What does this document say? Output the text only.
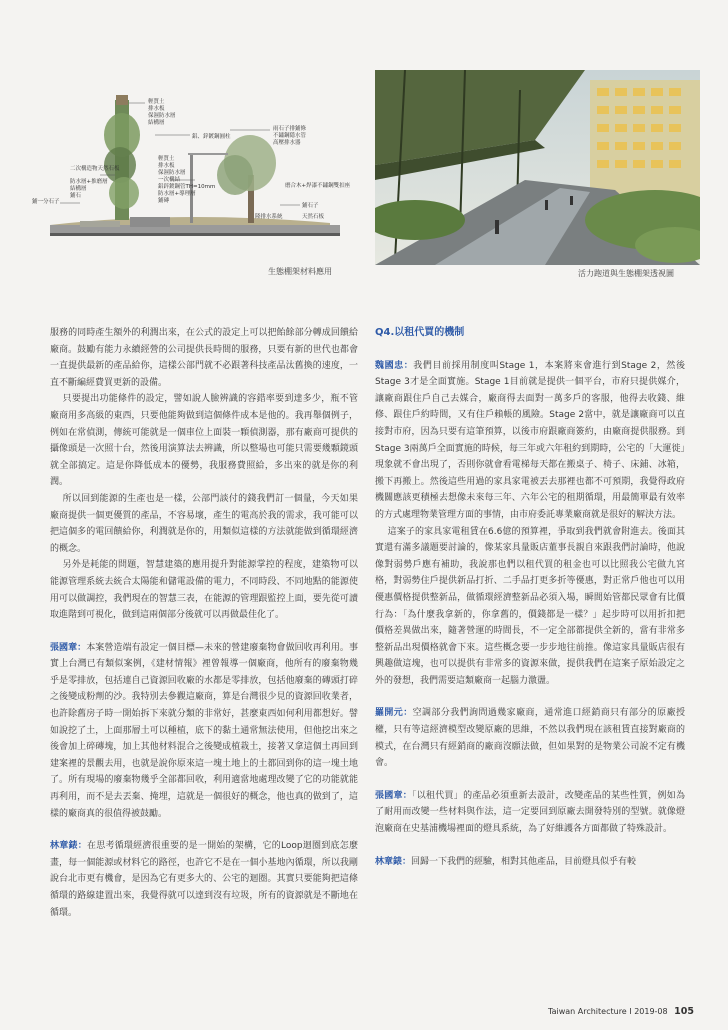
輕質土
排水板
保濕防水層
結構層
鋁、鋅鍍鋼圓柱
雨石子排鋪條
不鏽鋼隱水管
高壓排水器
輕質土
排水板
保濕防水層
一次構結
鋁鋅鍍鋼管TH=10mm
防水層+導理層
鋪磚
二次構造物天然石板
防水層+推磨層
結構層
鋪石
鋪一分石子
磨合木+焊漆不鏽鋼雙扣座
鋪石子
隆排水系統	天然石板
生態棚架材料應用	活力跑道與生態棚架透視圖

服務的同時產生額外的利潤出來，在公式的設定上可以把飴餘部分轉成回饋給廠商。鼓勵有能力永續經營的公司提供長時間的服務，只要有新的世代也都會一直提供最新的產品給你，這樣公部門就不必跟著科技產品汰舊換的速度，一直不斷編經費買更新的設備。

只要提出功能條件的設定，譬如說人臉辨識的容錯率要到達多少，瓶不管廠商用多高級的東西，只要他能夠做到這個條件成本是他的。我再舉個例子，例如在常偵測，傳統可能就是一個車位上面裝一顆偵測器，那有廠商可提供的攝像頭是一次照十台，然後用演算法去辨識，所以整場也可能只需要幾顆鏡頭就全部搞定。這是你降低成本的優勢，我服務費照給，多出來的就是你的利潤。

所以回到能源的生產也是一樣，公部門談付的錢我們訂一個量，今天如果廠商提供一個更優質的產品，不容易壞，產生的電高於我的需求，我可能可以把這個多的電回饋給你，利潤就是你的，用類似這樣的方法就能做到循環經濟的概念。

另外是耗能的問題，智慧建築的應用提升對能源掌控的程度，建築物可以能源管理系統去統合太陽能和儲電設備的電力，不同時段、不同地點的能源使用可以做調控，我們現在的智慧三表，在能源的管理跟監控上面，要先從可讀取進階到可視化，做到這兩個部分後就可以再做最佳化了。

張國章：本案營造端有設定一個目標—未來的營建廢棄物會做回收再利用。事實上台灣已有類似案例，《建材情報》裡曾報導一個廠商，他所有的廢棄物幾乎是零排放，包括連自己資源回收廠的水都是零排放，包括他廢棄的磚頭打碎之後變成粉劑的沙。我特別去參觀這廠商，算是台灣很少見的資源回收業者，也許除舊房子時一開始拆下來就分類的非常好，甚麼東西如何利用都想好。譬如說挖了土，上面那層土可以種植，底下的黏土通常無法使用，但他挖出來之後會加上碎磚塊，加上其他材料混合之後變成植栽土，接著又拿這個土再回到建案裡的景觀去用，也就是說你原來這一塊土地上的土都回到你的這一塊土地了。所有現場的廢棄物幾乎全部都回收，利用適當地處理改變了它的功能就能再利用，而不是去丟棄、掩埋，這就是一個很好的概念，他也真的做到了，這樣的廠商真的很值得被鼓勵。

林章錶：在思考循環經濟很重要的是一開始的架構，它的Loop迴圈到底怎麼畫，每一個能源或材料它的路徑，也許它不是在一個小基地內循環，所以我剛說台北市更有機會，是因為它有更多大的、公宅的迴圈。其實只要能夠把這條循環的路線建置出來，我覺得就可以達到沒有垃圾，所有的資源就是不斷地在循環。

Q4.以租代買的機制

魏國忠：我們目前採用制度叫Stage 1，本案將來會進行到Stage 2，然後Stage 3才是全面實施。Stage 1目前就是提供一個平台，市府只提供媒介，讓廠商跟住戶自己去媒合，廠商得去面對一萬多戶的客服，他得去收錢、維修、跟住戶約時間，又有住戶賴帳的風險。Stage 2當中，就是讓廠商可以直接對市府，因為只要有這筆預算，以後市府跟廠商簽約，由廠商提供服務。到Stage 3兩萬戶全面實施的時候，每三年或六年租約到期時，公宅的「大運徙」現象就不會出現了，否則你就會看電梯每天都在搬桌子、椅子、床鋪、冰箱，搬下再搬上。然後這些用過的家具家電被丟去那裡也都不可預期，我覺得政府機關應該更積極去想像未來每三年、六年公宅的租期循環，用最簡單最有效率的方式處理物業管理方面的事情，由市府委託專業廠商就是很好的解決方法。

這案子的家具家電租賃在6.6億的預算裡，爭取到我們就會附進去。後面其實還有滿多議題要討論的，像某家具量販店董事長親自來跟我們討論時，他說像對弱勢戶應有補助，我說那也們以租代買的租金也可以比照我公宅做九宮格，對弱勢住戶提供新品打折、二手品打更多折等優惠，對正常戶他也可以用優惠價格提供整新品，做循環經濟整新品必須入場，瞬間始管都民眾會有比價行為：「為什麼我拿新的，你拿舊的，價錢都是一樣？」起步時可以用折扣把價格差異做出來，隨著營運的時間長，不一定全部都提供全新的，當有非常多整新品出現價格就會下來。這些概念要一步步地往前推。像這家具量販店很有興趣做這塊，也可以提供有非常多的資源來做，提供我們在這案子原始設定之外的發想，我們需要這類廠商一起腦力激盪。

羅開元：空調部分我們詢問過幾家廠商，通常進口經銷商只有部分的原廠授權，只有等這經濟模型改變原廠的思維，不然以我們現在該租賃直接對廠商的模式，在台灣只有經銷商的廠商沒願法做，但如果對的是物業公司說不定有機會。

張國章：「以租代買」的產品必須重新去設計，改變產品的某些性質，例如為了耐用而改變一些材料與作法，這一定要回到原廠去開發特別的型號。就像燈泡廠商在史基浦機場裡面的燈具系統，為了好維護各方面都做了特殊設計。

林章錶：回歸一下我們的經驗，相對其他產品，目前燈具似乎有較

Taiwan Architecture I 2019-08 105
